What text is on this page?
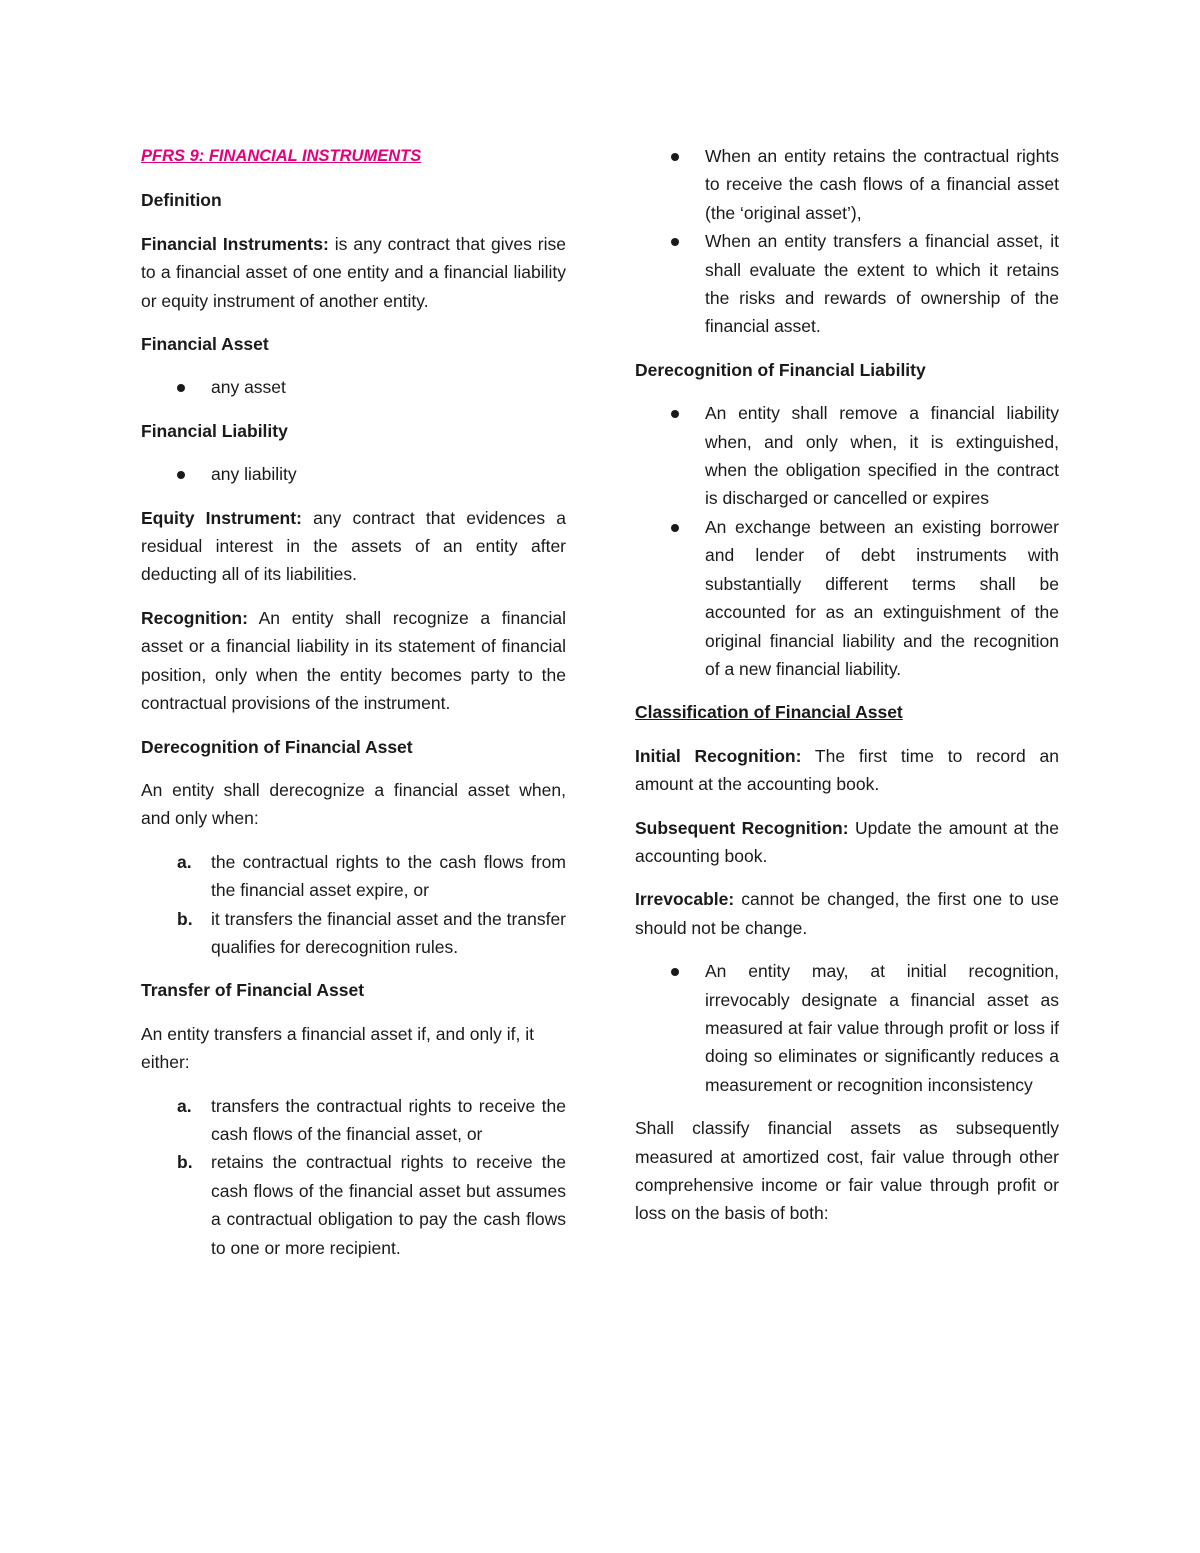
PFRS 9: FINANCIAL INSTRUMENTS

Definition

Financial Instruments: is any contract that gives rise to a financial asset of one entity and a financial liability or equity instrument of another entity.

Financial Asset

any asset

Financial Liability

any liability

Equity Instrument: any contract that evidences a residual interest in the assets of an entity after deducting all of its liabilities.

Recognition: An entity shall recognize a financial asset or a financial liability in its statement of financial position, only when the entity becomes party to the contractual provisions of the instrument.

Derecognition of Financial Asset

An entity shall derecognize a financial asset when, and only when:

a. the contractual rights to the cash flows from the financial asset expire, or
b. it transfers the financial asset and the transfer qualifies for derecognition rules.

Transfer of Financial Asset

An entity transfers a financial asset if, and only if, it either:

a. transfers the contractual rights to receive the cash flows of the financial asset, or
b. retains the contractual rights to receive the cash flows of the financial asset but assumes a contractual obligation to pay the cash flows to one or more recipient.
When an entity retains the contractual rights to receive the cash flows of a financial asset (the ‘original asset’),
When an entity transfers a financial asset, it shall evaluate the extent to which it retains the risks and rewards of ownership of the financial asset.

Derecognition of Financial Liability

An entity shall remove a financial liability when, and only when, it is extinguished, when the obligation specified in the contract is discharged or cancelled or expires
An exchange between an existing borrower and lender of debt instruments with substantially different terms shall be accounted for as an extinguishment of the original financial liability and the recognition of a new financial liability.

Classification of Financial Asset

Initial Recognition: The first time to record an amount at the accounting book.

Subsequent Recognition: Update the amount at the accounting book.

Irrevocable: cannot be changed, the first one to use should not be change.

An entity may, at initial recognition, irrevocably designate a financial asset as measured at fair value through profit or loss if doing so eliminates or significantly reduces a measurement or recognition inconsistency

Shall classify financial assets as subsequently measured at amortized cost, fair value through other comprehensive income or fair value through profit or loss on the basis of both:
